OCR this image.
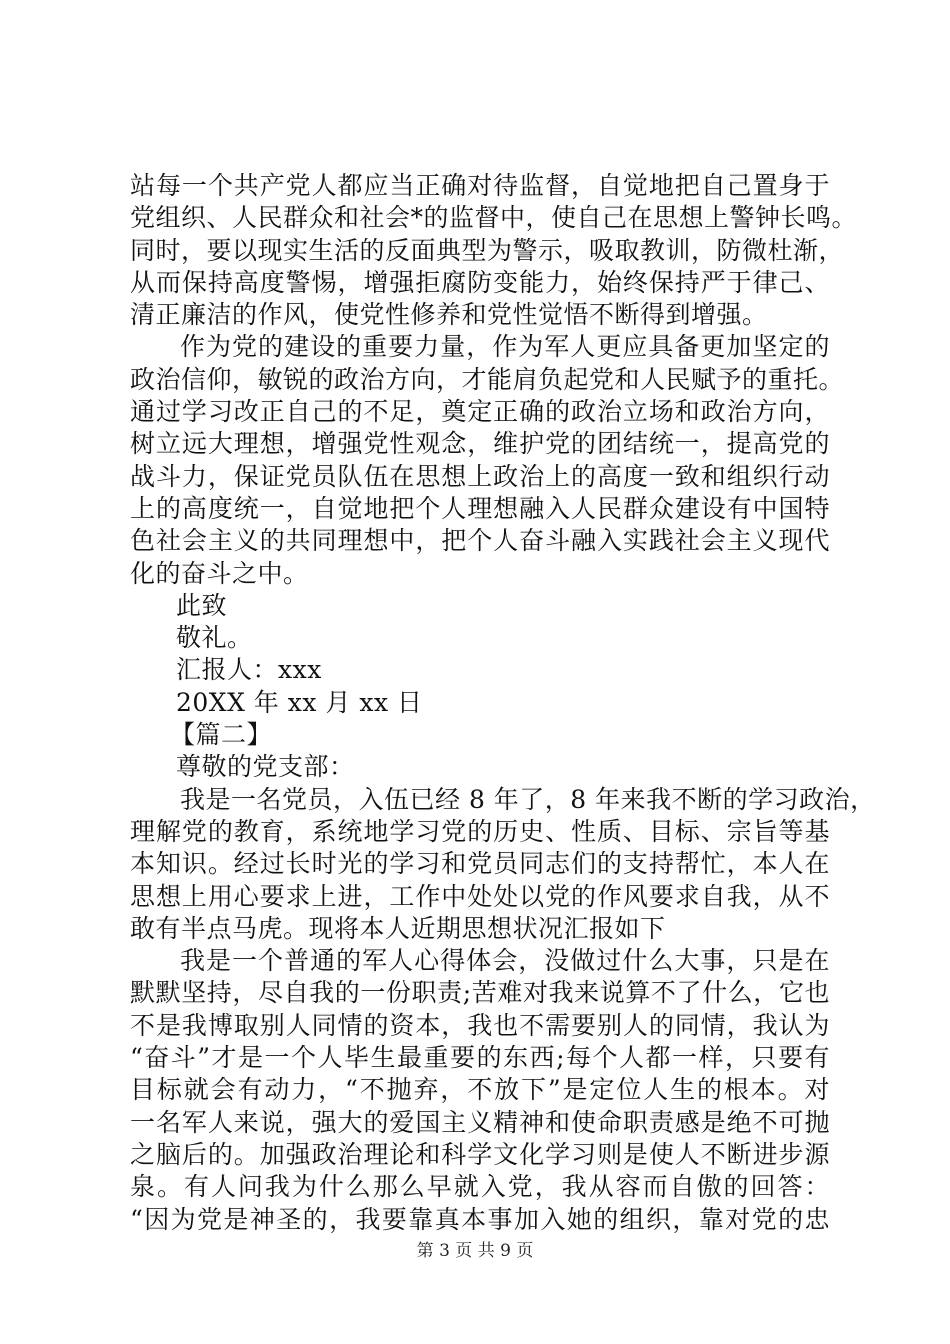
站每一个共产党人都应当正确对待监督，自觉地把自己置身于
党组织、人民群众和社会*的监督中，使自己在思想上警钟长鸣。
同时，要以现实生活的反面典型为警示，吸取教训，防微杜渐，
从而保持高度警惕，增强拒腐防变能力，始终保持严于律己、
清正廉洁的作风，使党性修养和党性觉悟不断得到增强。
作为党的建设的重要力量，作为军人更应具备更加坚定的
政治信仰，敏锐的政治方向，才能肩负起党和人民赋予的重托。
通过学习改正自己的不足，奠定正确的政治立场和政治方向，
树立远大理想，增强党性观念，维护党的团结统一，提高党的
战斗力，保证党员队伍在思想上政治上的高度一致和组织行动
上的高度统一，自觉地把个人理想融入人民群众建设有中国特
色社会主义的共同理想中，把个人奋斗融入实践社会主义现代
化的奋斗之中。
此致
敬礼。
汇报人：xxx
20XX 年 xx 月 xx 日
【篇二】
尊敬的党支部：
我是一名党员，入伍已经 8 年了，8 年来我不断的学习政治，
理解党的教育，系统地学习党的历史、性质、目标、宗旨等基
本知识。经过长时光的学习和党员同志们的支持帮忙，本人在
思想上用心要求上进，工作中处处以党的作风要求自我，从不
敢有半点马虎。现将本人近期思想状况汇报如下
我是一个普通的军人心得体会，没做过什么大事，只是在
默默坚持，尽自我的一份职责;苦难对我来说算不了什么，它也
不是我博取别人同情的资本，我也不需要别人的同情，我认为
“奋斗”才是一个人毕生最重要的东西;每个人都一样，只要有
目标就会有动力，“不抛弃，不放下”是定位人生的根本。对
一名军人来说，强大的爱国主义精神和使命职责感是绝不可抛
之脑后的。加强政治理论和科学文化学习则是使人不断进步源
泉。有人问我为什么那么早就入党，我从容而自傲的回答：
“因为党是神圣的，我要靠真本事加入她的组织，靠对党的忠
第 3 页 共 9 页
